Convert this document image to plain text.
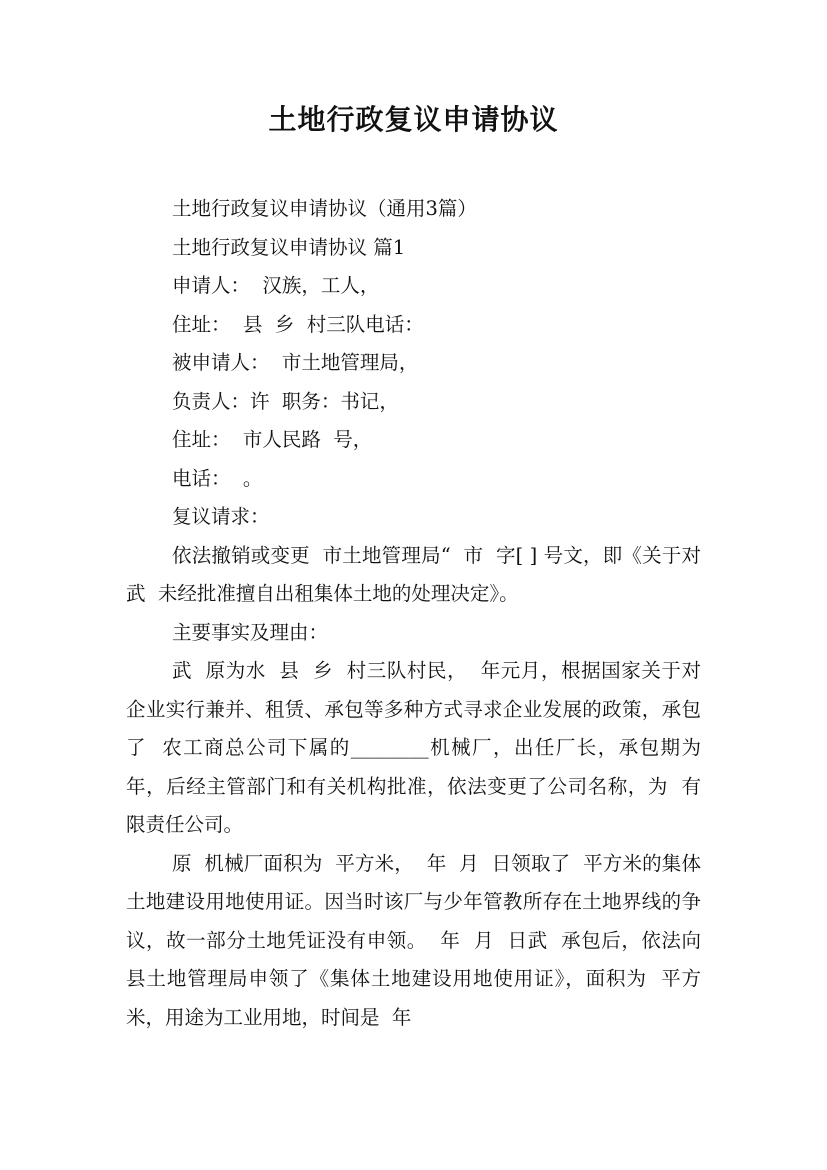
土地行政复议申请协议

土地行政复议申请协议（通用3篇）

土地行政复议申请协议 篇1

申请人：  汉族，工人，

住址：  县  乡  村三队电话：

被申请人：  市土地管理局，

负责人：许  职务：书记，

住址：  市人民路  号，

电话：  。

复议请求：

依法撤销或变更  市土地管理局“  市  字[ ] 号文，即《关于对武  未经批准擅自出租集体土地的处理决定》。

主要事实及理由：

武  原为水  县  乡  村三队村民，  年元月，根据国家关于对企业实行兼并、租赁、承包等多种方式寻求企业发展的政策，承包了  农工商总公司下属的________机械厂，出任厂长，承包期为  年，后经主管部门和有关机构批准，依法变更了公司名称，为  有限责任公司。

原  机械厂面积为  平方米，  年  月  日领取了  平方米的集体土地建设用地使用证。因当时该厂与少年管教所存在土地界线的争议，故一部分土地凭证没有申领。  年  月  日武  承包后，依法向县土地管理局申领了《集体土地建设用地使用证》，面积为  平方米，用途为工业用地，时间是  年
